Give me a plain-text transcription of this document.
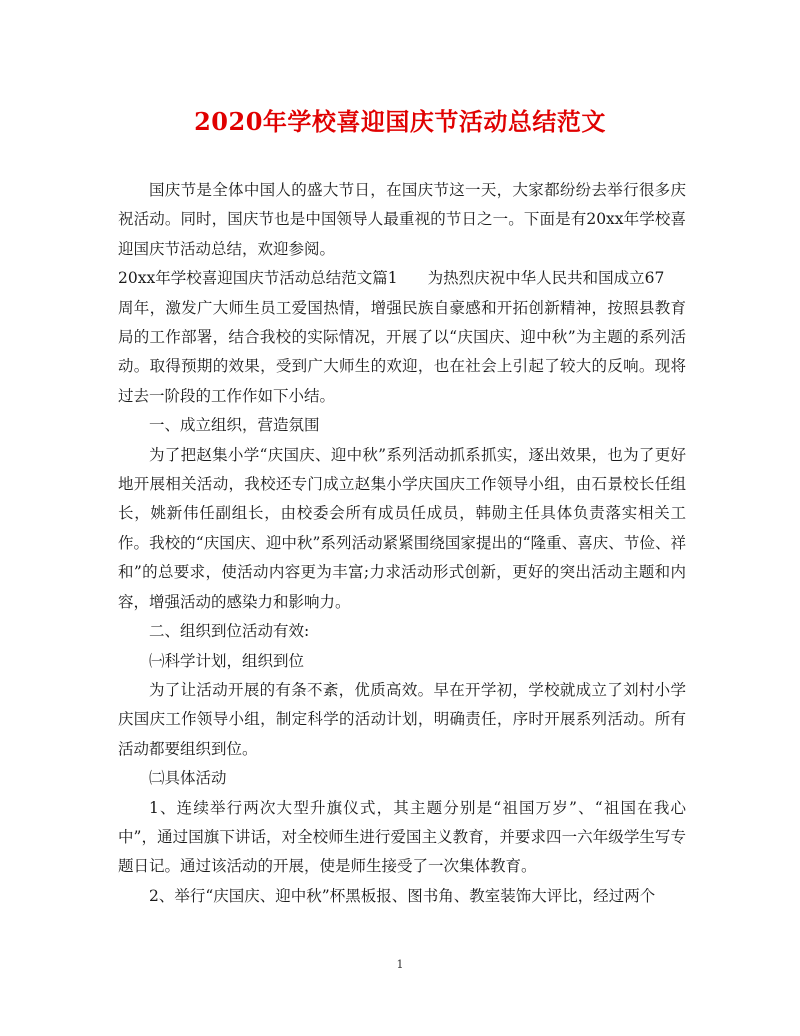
2020年学校喜迎国庆节活动总结范文

国庆节是全体中国人的盛大节日，在国庆节这一天，大家都纷纷去举行很多庆祝活动。同时，国庆节也是中国领导人最重视的节日之一。下面是有20xx年学校喜迎国庆节活动总结，欢迎参阅。

20xx年学校喜迎国庆节活动总结范文篇1 为热烈庆祝中华人民共和国成立67

周年，激发广大师生员工爱国热情，增强民族自豪感和开拓创新精神，按照县教育局的工作部署，结合我校的实际情况，开展了以“庆国庆、迎中秋”为主题的系列活动。取得预期的效果，受到广大师生的欢迎，也在社会上引起了较大的反响。现将过去一阶段的工作作如下小结。

一、成立组织，营造氛围

为了把赵集小学“庆国庆、迎中秋”系列活动抓系抓实，逐出效果，也为了更好地开展相关活动，我校还专门成立赵集小学庆国庆工作领导小组，由石景校长任组长，姚新伟任副组长，由校委会所有成员任成员，韩勋主任具体负责落实相关工作。我校的“庆国庆、迎中秋”系列活动紧紧围绕国家提出的“隆重、喜庆、节俭、祥和”的总要求，使活动内容更为丰富;力求活动形式创新，更好的突出活动主题和内容，增强活动的感染力和影响力。

二、组织到位活动有效:

㈠科学计划，组织到位

为了让活动开展的有条不紊，优质高效。早在开学初，学校就成立了刘村小学庆国庆工作领导小组，制定科学的活动计划，明确责任，序时开展系列活动。所有活动都要组织到位。

㈡具体活动

1、连续举行两次大型升旗仪式，其主题分别是“祖国万岁”、“祖国在我心中”，通过国旗下讲话，对全校师生进行爱国主义教育，并要求四一六年级学生写专题日记。通过该活动的开展，使是师生接受了一次集体教育。

2、举行“庆国庆、迎中秋”杯黑板报、图书角、教室装饰大评比，经过两个

1
